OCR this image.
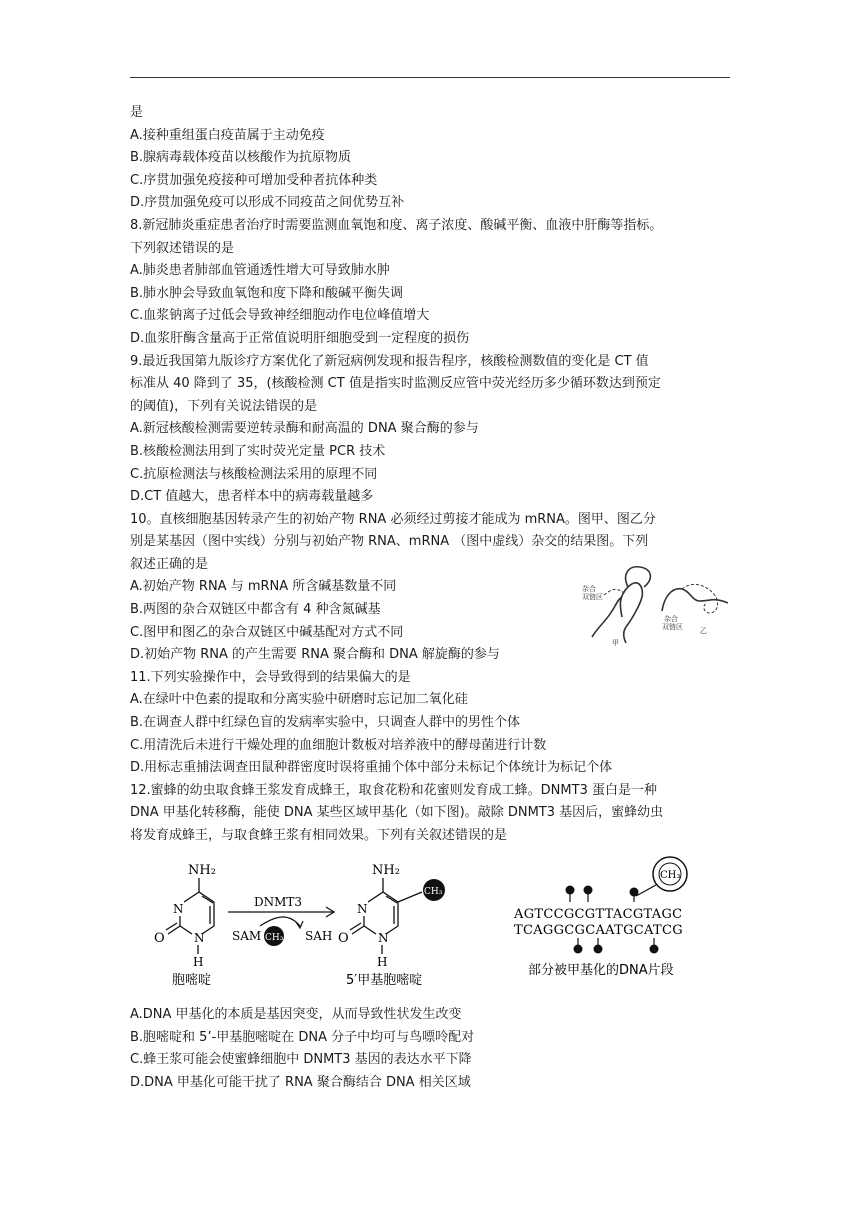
是
A.接种重组蛋白疫苗属于主动免疫
B.腺病毒载体疫苗以核酸作为抗原物质
C.序贯加强免疫接种可增加受种者抗体种类
D.序贯加强免疫可以形成不同疫苗之间优势互补
8.新冠肺炎重症患者治疗时需要监测血氧饱和度、离子浓度、酸碱平衡、血液中肝酶等指标。
下列叙述错误的是
A.肺炎患者肺部血管通透性增大可导致肺水肿
B.肺水肿会导致血氧饱和度下降和酸碱平衡失调
C.血浆钠离子过低会导致神经细胞动作电位峰值增大
D.血浆肝酶含量高于正常值说明肝细胞受到一定程度的损伤
9.最近我国第九版诊疗方案优化了新冠病例发现和报告程序，核酸检测数值的变化是 CT 值
标准从 40 降到了 35，(核酸检测 CT 值是指实时监测反应管中荧光经历多少循环数达到预定
的阈值)，下列有关说法错误的是
A.新冠核酸检测需要逆转录酶和耐高温的 DNA 聚合酶的参与
B.核酸检测法用到了实时荧光定量 PCR 技术
C.抗原检测法与核酸检测法采用的原理不同
D.CT 值越大，患者样本中的病毒载量越多
10。直核细胞基因转录产生的初始产物 RNA 必须经过剪接才能成为 mRNA。图甲、图乙分
别是某基因（图中实线）分别与初始产物 RNA、mRNA （图中虚线）杂交的结果图。下列
叙述正确的是
A.初始产物 RNA 与 mRNA 所含碱基数量不同
B.两图的杂合双链区中都含有 4 种含氮碱基
C.图甲和图乙的杂合双链区中碱基配对方式不同
D.初始产物 RNA 的产生需要 RNA 聚合酶和 DNA 解旋酶的参与
杂合
双链区
甲
杂合
双链区 乙
11.下列实验操作中，会导致得到的结果偏大的是
A.在绿叶中色素的提取和分离实验中研磨时忘记加二氧化硅
B.在调查人群中红绿色盲的发病率实验中，只调查人群中的男性个体
C.用清洗后未进行干燥处理的血细胞计数板对培养液中的酵母菌进行计数
D.用标志重捕法调查田鼠种群密度时误将重捕个体中部分未标记个体统计为标记个体
12.蜜蜂的幼虫取食蜂王浆发育成蜂王，取食花粉和花蜜则发育成工蜂。DNMT3 蛋白是一种
DNA 甲基化转移酶，能使 DNA 某些区域甲基化（如下图)。敲除 DNMT3 基因后，蜜蜂幼虫
将发育成蜂王，与取食蜂王浆有相同效果。下列有关叙述错误的是
NH₂
N
N
O
H
胞嘧啶
DNMT3
SAM CH₃ SAH
NH₂
CH₃
N
N
O
H
5′甲基胞嘧啶
CH₃
AGTCCGCGTTACGTAGC
TCAGGCGCAATGCATCG
部分被甲基化的DNA片段
A.DNA 甲基化的本质是基因突变，从而导致性状发生改变
B.胞嘧啶和 5’-甲基胞嘧啶在 DNA 分子中均可与鸟嘌呤配对
C.蜂王浆可能会使蜜蜂细胞中 DNMT3 基因的表达水平下降
D.DNA 甲基化可能干扰了 RNA 聚合酶结合 DNA 相关区域
